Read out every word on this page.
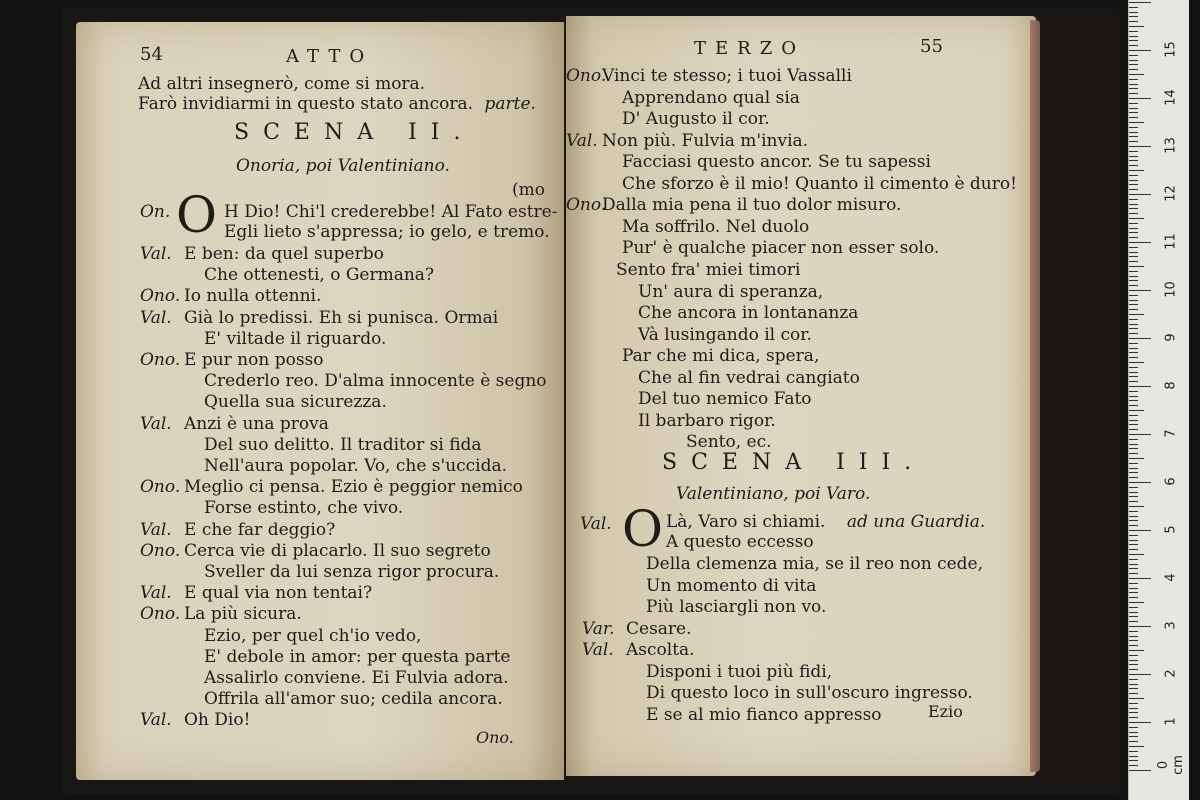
54	ATTO
Ad altri insegnerò, come si mora.
Farò invidiarmi in questo stato ancora. parte.
SCENA II.
Onoria, poi Valentiniano.
(mo
On. O H Dio! Chi'l crederebbe! Al Fato estre-
Egli lieto s'appressa; io gelo, e tremo.
Val. E ben: da quel superbo
Che ottenesti, o Germana?
Ono. Io nulla ottenni.
Val. Già lo predissi. Eh si punisca. Ormai
E' viltade il riguardo.
Ono. E pur non posso
Crederlo reo. D'alma innocente è segno
Quella sua sicurezza.
Val. Anzi è una prova
Del suo delitto. Il traditor si fida
Nell'aura popolar. Vo, che s'uccida.
Ono. Meglio ci pensa. Ezio è peggior nemico
Forse estinto, che vivo.
Val. E che far deggio?
Ono. Cerca vie di placarlo. Il suo segreto
Sveller da lui senza rigor procura.
Val. E qual via non tentai?
Ono. La più sicura.
Ezio, per quel ch'io vedo,
E' debole in amor: per questa parte
Assalirlo conviene. Ei Fulvia adora.
Offrila all'amor suo; cedila ancora.
Val. Oh Dio!
Ono.
TERZO	55
Ono.
Vinci te stesso; i tuoi Vassalli
Apprendano qual sia
D' Augusto il cor.
Val. Non più. Fulvia m'invia.
Facciasi questo ancor. Se tu sapessi
Che sforzo è il mio! Quanto il cimento è duro!
Ono.
Dalla mia pena il tuo dolor misuro.
Ma soffrilo. Nel duolo
Pur' è qualche piacer non esser solo.
Sento fra' miei timori
Un' aura di speranza,
Che ancora in lontananza
Và lusingando il cor.
Par che mi dica, spera,
Che al fin vedrai cangiato
Del tuo nemico Fato
Il barbaro rigor.
Sento, ec.
SCENA III.
Valentiniano, poi Varo.
Val. O Là, Varo si chiami. ad una Guardia.
A questo eccesso
Della clemenza mia, se il reo non cede,
Un momento di vita
Più lasciargli non vo.
Var. Cesare.
Val. Ascolta.
Disponi i tuoi più fidi,
Di questo loco in sull'oscuro ingresso.
E se al mio fianco appresso	Ezio
0 cm
1
2
3
4
5
6
7
8
9
10
11
12
13
14
15
